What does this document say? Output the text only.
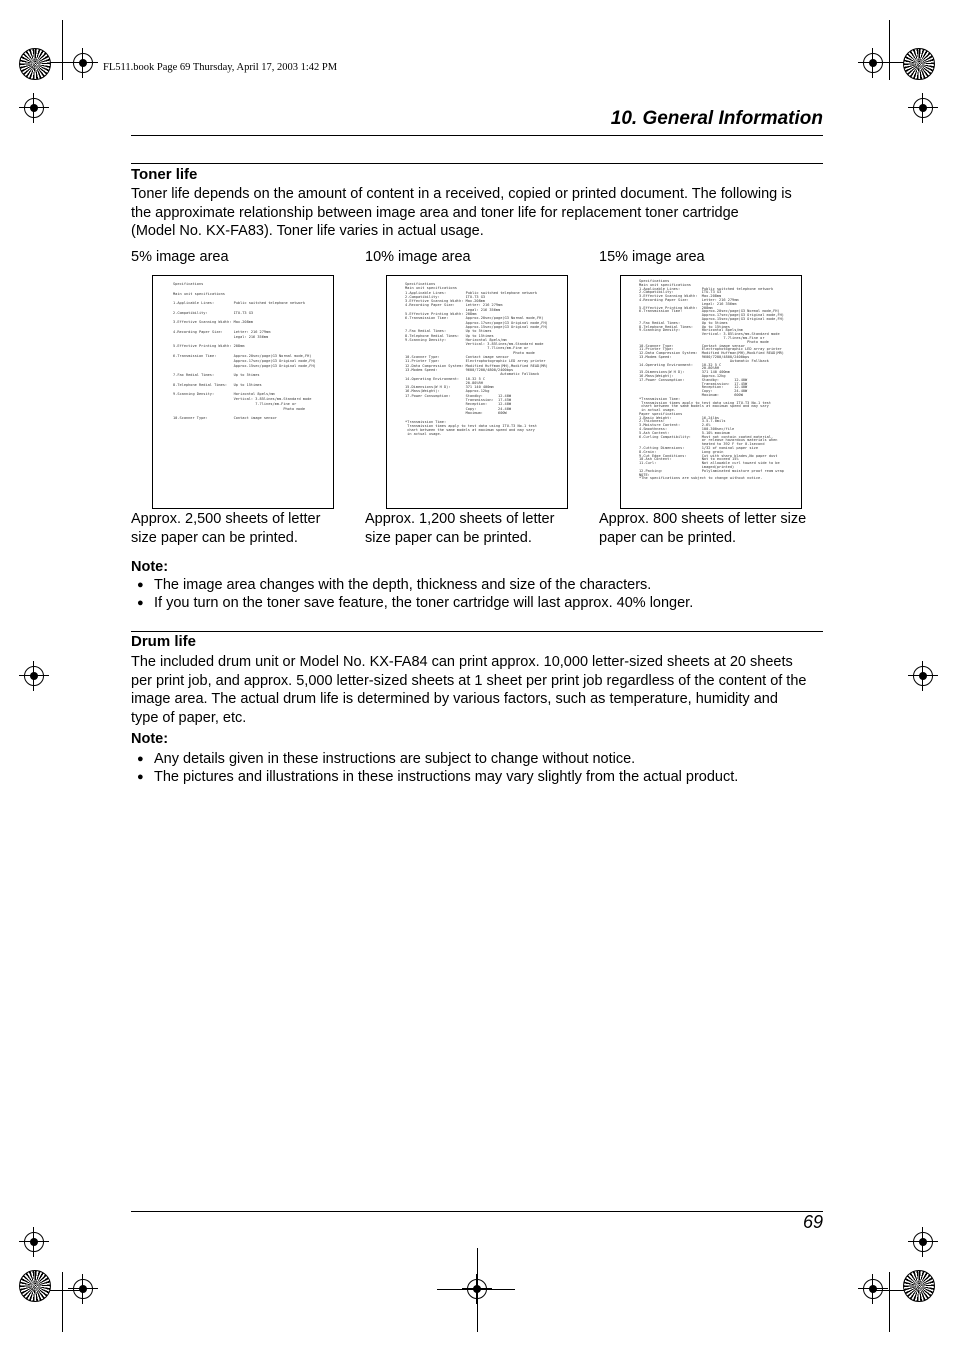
FL511.book Page 69 Thursday, April 17, 2003 1:42 PM
10. General Information
Toner life
Toner life depends on the amount of content in a received, copied or printed document. The following is
the approximate relationship between image area and toner life for replacement toner cartridge
(Model No. KX-FA83). Toner life varies in actual usage.
5% image area	10% image area	15% image area
Specifications

Main unit specifications

1.Applicable Lines:         Public switched telephone network

2.Compatibility:            ITU-T3 G3

3.Effective Scanning Width: Max.208mm

4.Recording Paper Size:     Letter: 216 279mm
Legal: 216 356mm

5.Effective Printing Width: 208mm

6.Transmission Time:        Approx.20sec/page(G3 Normal mode,FH)
Approx.17sec/page(G3 Original mode,FH)
Approx.15sec/page(G3 Original mode,FH)

7.Fax Redial Times:         Up to 5times

8.Telephone Redial Times:   Up to 15times

9.Scanning Density:         Horizontal 8pels/mm
Vertical: 3.85lines/mm-Standard mode
7.7lines/mm-Fine or
Photo mode

10.Scanner Type:            Contact image sensor
Specifications
Main unit specifications
1.Applicable Lines:         Public switched telephone network
2.Compatibility:            ITU-T3 G3
3.Effective Scanning Width: Max.208mm
4.Recording Paper Size:     Letter: 216 279mm
Legal: 216 356mm
5.Effective Printing Width: 208mm
6.Transmission Time:        Approx.20sec/page(G3 Normal mode,FH)
Approx.17sec/page(G3 Original mode,FH)
Approx.15sec/page(G3 Original mode,FH)
7.Fax Redial Times:         Up to 5times
8.Telephone Redial Times:   Up to 15times
9.Scanning Density:         Horizontal 8pels/mm
Vertical: 3.85lines/mm-Standard mode
7.7lines/mm-Fine or
Photo mode
10.Scanner Type:            Contact image sensor
11.Printer Type:            Electrophotographic LED array printer
12.Data Compression System: Modified Huffman(MH),Modified READ(MR)
13.Modem Speed:             9600/7200/4800/2400bps
Automatic Fallback
14.Operating Environment:   10-32 5 C
20-80%RH
15.Dimensions(W H D):       371 140 400mm
16.Mass(Weight):            Approx.12kg
17.Power Consumption:       Standby:       12-40W
Transmission:  17-45W
Reception:     12-40W
Copy:          24-40W
Maximum:       600W

*Transmission Time:
Transmission times apply to test data using ITU-T3 No.1 test
chart between the same models at maximum speed and may vary
in actual usage.
Specifications
Main unit specifications
1.Applicable Lines:          Public switched telephone network
2.Compatibility:             ITU-T3 G3
3.Effective Scanning Width:  Max.208mm
4.Recording Paper Size:      Letter: 216 279mm
Legal: 216 356mm
5.Effective Printing Width:  208mm
6.Transmission Time:         Approx.20sec/page(G3 Normal mode,FH)
Approx.17sec/page(G3 Original mode,FH)
Approx.15sec/page(G3 Original mode,FH)
7.Fax Redial Times:          Up to 5times
8.Telephone Redial Times:    Up to 15times
9.Scanning Density:          Horizontal 8pels/mm
Vertical: 3.85lines/mm-Standard mode
7.7lines/mm-Fine or
Photo mode
10.Scanner Type:             Contact image sensor
11.Printer Type:             Electrophotographic LED array printer
12.Data Compression System:  Modified Huffman(MH),Modified READ(MR)
13.Modem Speed:              9600/7200/4800/2400bps
Automatic Fallback
14.Operating Environment:    10-32 5 C
20-80%RH
15.Dimensions(W H D):        371 140 400mm
16.Mass(Weight):             Approx.12kg
17.Power Consumption:        Standby:       12-40W
Transmission:  17-45W
Reception:     12-40W
Copy:          24-40W
Maximum:       600W
*Transmission Time:
Transmission times apply to test data using ITU-T3 No.1 test
chart between the same models at maximum speed and may vary
in actual usage.
Paper specifications
1.Basic Weight:              16-24lbs
2.Thickness:                 3.5-7.0mils
3.Moisture Content:          2-6%
4.Smoothness:                100-300sec/file
5.Ash Content:               5-10% maximum
6.Curling Compatibility:     Must not contain coated material,
or release hazardous materials when
heated to 392 F for 0.1second
7.Cutting Dimensions:        1/32 of nominal paper size
8.Grain:                     Long grain
9.Cut Edge Conditions:       Cut with sharp blades,No paper dust
10.Ash Content:              Not to exceed 15%
11.Curl:                     Not allowable curl toward side to be
imaged(printed)
12.Packing:                  Polylaminated moisture proof ream wrap
NOTE:
*The specifications are subject to change without notice.
Approx. 2,500 sheets of letter
size paper can be printed.
Approx. 1,200 sheets of letter
size paper can be printed.
Approx. 800 sheets of letter size
paper can be printed.
Note:
● The image area changes with the depth, thickness and size of the characters.
● If you turn on the toner save feature, the toner cartridge will last approx. 40% longer.
Drum life
The included drum unit or Model No. KX-FA84 can print approx. 10,000 letter-sized sheets at 20 sheets
per print job, and approx. 5,000 letter-sized sheets at 1 sheet per print job regardless of the content of the
image area. The actual drum life is determined by various factors, such as temperature, humidity and
type of paper, etc.
Note:
● Any details given in these instructions are subject to change without notice.
● The pictures and illustrations in these instructions may vary slightly from the actual product.
69
